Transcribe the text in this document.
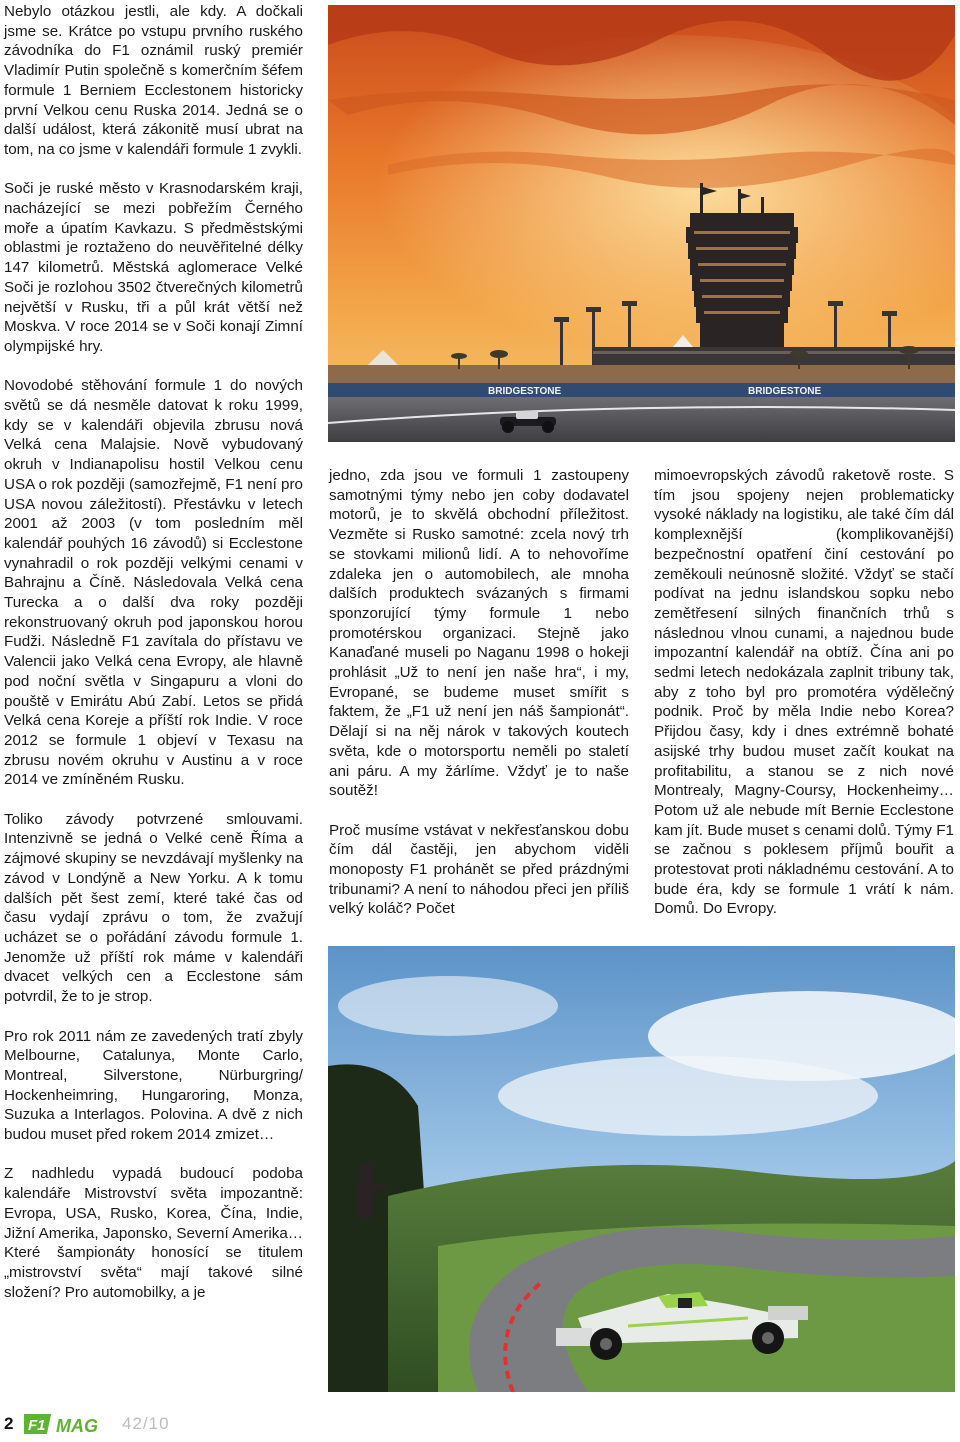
Nebylo otázkou jestli, ale kdy. A dočkali jsme se. Krátce po vstupu prvního ruského závodníka do F1 oznámil ruský premiér Vladimír Putin společně s komerčním šéfem formule 1 Berniem Ecclestonem historicky první Velkou cenu Ruska 2014. Jedná se o další událost, která zákonitě musí ubrat na tom, na co jsme v kalendáři formule 1 zvykli.

Soči je ruské město v Krasnodarském kraji, nacházející se mezi pobřežím Černého moře a úpatím Kavkazu. S předměstskými oblastmi je roztaženo do neuvěřitelné délky 147 kilometrů. Městská aglomerace Velké Soči je rozlohou 3502 čtverečných kilometrů největší v Rusku, tři a půl krát větší než Moskva. V roce 2014 se v Soči konají Zimní olympijské hry.

Novodobé stěhování formule 1 do nových světů se dá nesměle datovat k roku 1999, kdy se v kalendáři objevila zbrusu nová Velká cena Malajsie. Nově vybudovaný okruh v Indianapolisu hostil Velkou cenu USA o rok později (samozřejmě, F1 není pro USA novou záležitostí). Přestávku v letech 2001 až 2003 (v tom posledním měl kalendář pouhých 16 závodů) si Ecclestone vynahradil o rok později velkými cenami v Bahrajnu a Číně. Následovala Velká cena Turecka a o další dva roky později rekonstruovaný okruh pod japonskou horou Fudži. Následně F1 zavítala do přístavu ve Valencii jako Velká cena Evropy, ale hlavně pod noční světla v Singapuru a vloni do pouště v Emirátu Abú Zabí. Letos se přidá Velká cena Koreje a příští rok Indie. V roce 2012 se formule 1 objeví v Texasu na zbrusu novém okruhu v Austinu a v roce 2014 ve zmíněném Rusku.

Toliko závody potvrzené smlouvami. Intenzivně se jedná o Velké ceně Říma a zájmové skupiny se nevzdávají myšlenky na závod v Londýně a New Yorku. A k tomu dalších pět šest zemí, které také čas od času vydají zprávu o tom, že zvažují ucházet se o pořádání závodu formule 1. Jenomže už příští rok máme v kalendáři dvacet velkých cen a Ecclestone sám potvrdil, že to je strop.

Pro rok 2011 nám ze zavedených tratí zbyly Melbourne, Catalunya, Monte Carlo, Montreal, Silverstone, Nürburgring/ Hockenheimring, Hungaroring, Monza, Suzuka a Interlagos. Polovina. A dvě z nich budou muset před rokem 2014 zmizet…

Z nadhledu vypadá budoucí podoba kalendáře Mistrovství světa impozantně: Evropa, USA, Rusko, Korea, Čína, Indie, Jižní Amerika, Japonsko, Severní Amerika… Které šampionáty honosící se titulem „mistrovství světa“ mají takové silné složení? Pro automobilky, a je

jedno, zda jsou ve formuli 1 zastoupeny samotnými týmy nebo jen coby dodavatel motorů, je to skvělá obchodní příležitost. Vezměte si Rusko samotné: zcela nový trh se stovkami milionů lidí. A to nehovoříme zdaleka jen o automobilech, ale mnoha dalších produktech svázaných s firmami sponzorující týmy formule 1 nebo promotérskou organizaci. Stejně jako Kanaďané museli po Naganu 1998 o hokeji prohlásit „Už to není jen naše hra“, i my, Evropané, se budeme muset smířit s faktem, že „F1 už není jen náš šampionát“. Dělají si na něj nárok v takových koutech světa, kde o motorsportu neměli po staletí ani páru. A my žárlíme. Vždyť je to naše soutěž!

Proč musíme vstávat v nekřesťanskou dobu čím dál častěji, jen abychom viděli monoposty F1 prohánět se před prázdnými tribunami? A není to náhodou přeci jen příliš velký koláč? Počet

mimoevropských závodů raketově roste. S tím jsou spojeny nejen problematicky vysoké náklady na logistiku, ale také čím dál komplexnější (komplikovanější) bezpečnostní opatření činí cestování po zeměkouli neúnosně složité. Vždyť se stačí podívat na jednu islandskou sopku nebo zemětřesení silných finančních trhů s následnou vlnou cunami, a najednou bude impozantní kalendář na obtíž. Čína ani po sedmi letech nedokázala zaplnit tribuny tak, aby z toho byl pro promotéra výdělečný podnik. Proč by měla Indie nebo Korea? Přijdou časy, kdy i dnes extrémně bohaté asijské trhy budou muset začít koukat na profitabilitu, a stanou se z nich nové Montrealy, Magny-Coursy, Hockenheimy… Potom už ale nebude mít Bernie Ecclestone kam jít. Bude muset s cenami dolů. Týmy F1 se začnou s poklesem příjmů bouřit a protestovat proti nákladnému cestování. A to bude éra, kdy se formule 1 vrátí k nám. Domů. Do Evropy.

BRIDGESTONE	BRIDGESTONE
2 F1 MAG 42/10
